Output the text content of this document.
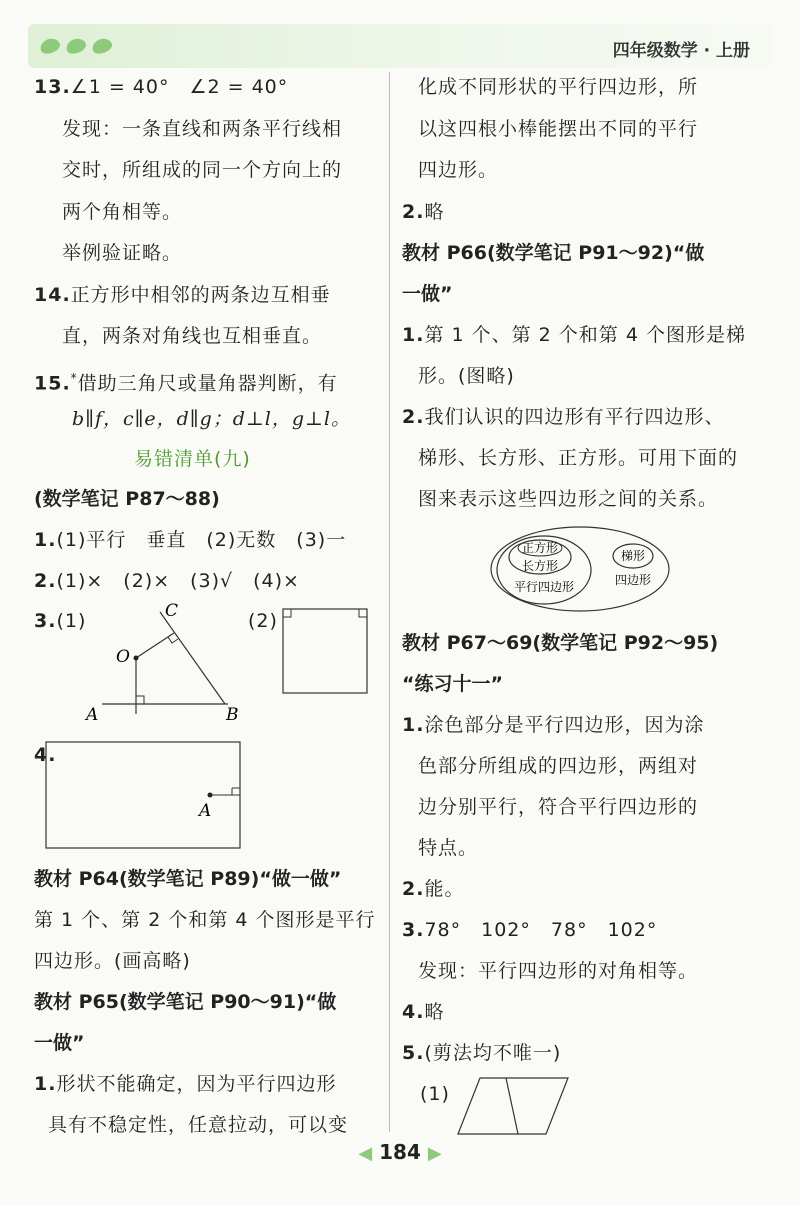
四年级数学 · 上册
13.∠1 = 40°　∠2 = 40°
发现：一条直线和两条平行线相
交时，所组成的同一个方向上的
两个角相等。
举例验证略。
14.正方形中相邻的两条边互相垂
直，两条对角线也互相垂直。
15.*借助三角尺或量角器判断，有
b∥f，c∥e，d∥g；d⊥l，g⊥l。
易错清单(九)
(数学笔记 P87～88)
1.(1)平行　垂直　(2)无数　(3)一
2.(1)×　(2)×　(3)√　(4)×
3.(1)	(2)
C
O
A	B
4.
A
教材 P64(数学笔记 P89)“做一做”
第 1 个、第 2 个和第 4 个图形是平行
四边形。(画高略)
教材 P65(数学笔记 P90～91)“做
一做”
1.形状不能确定，因为平行四边形
具有不稳定性，任意拉动，可以变
化成不同形状的平行四边形，所
以这四根小棒能摆出不同的平行
四边形。
2.略
教材 P66(数学笔记 P91～92)“做
一做”
1.第 1 个、第 2 个和第 4 个图形是梯
形。(图略)
2.我们认识的四边形有平行四边形、
梯形、长方形、正方形。可用下面的
图来表示这些四边形之间的关系。
正方形
长方形
平行四边形
梯形
四边形
教材 P67～69(数学笔记 P92～95)
“练习十一”
1.涂色部分是平行四边形，因为涂
色部分所组成的四边形，两组对
边分别平行，符合平行四边形的
特点。
2.能。
3.78°　102°　78°　102°
发现：平行四边形的对角相等。
4.略
5.(剪法均不唯一)
(1)
◀ 184 ▶
